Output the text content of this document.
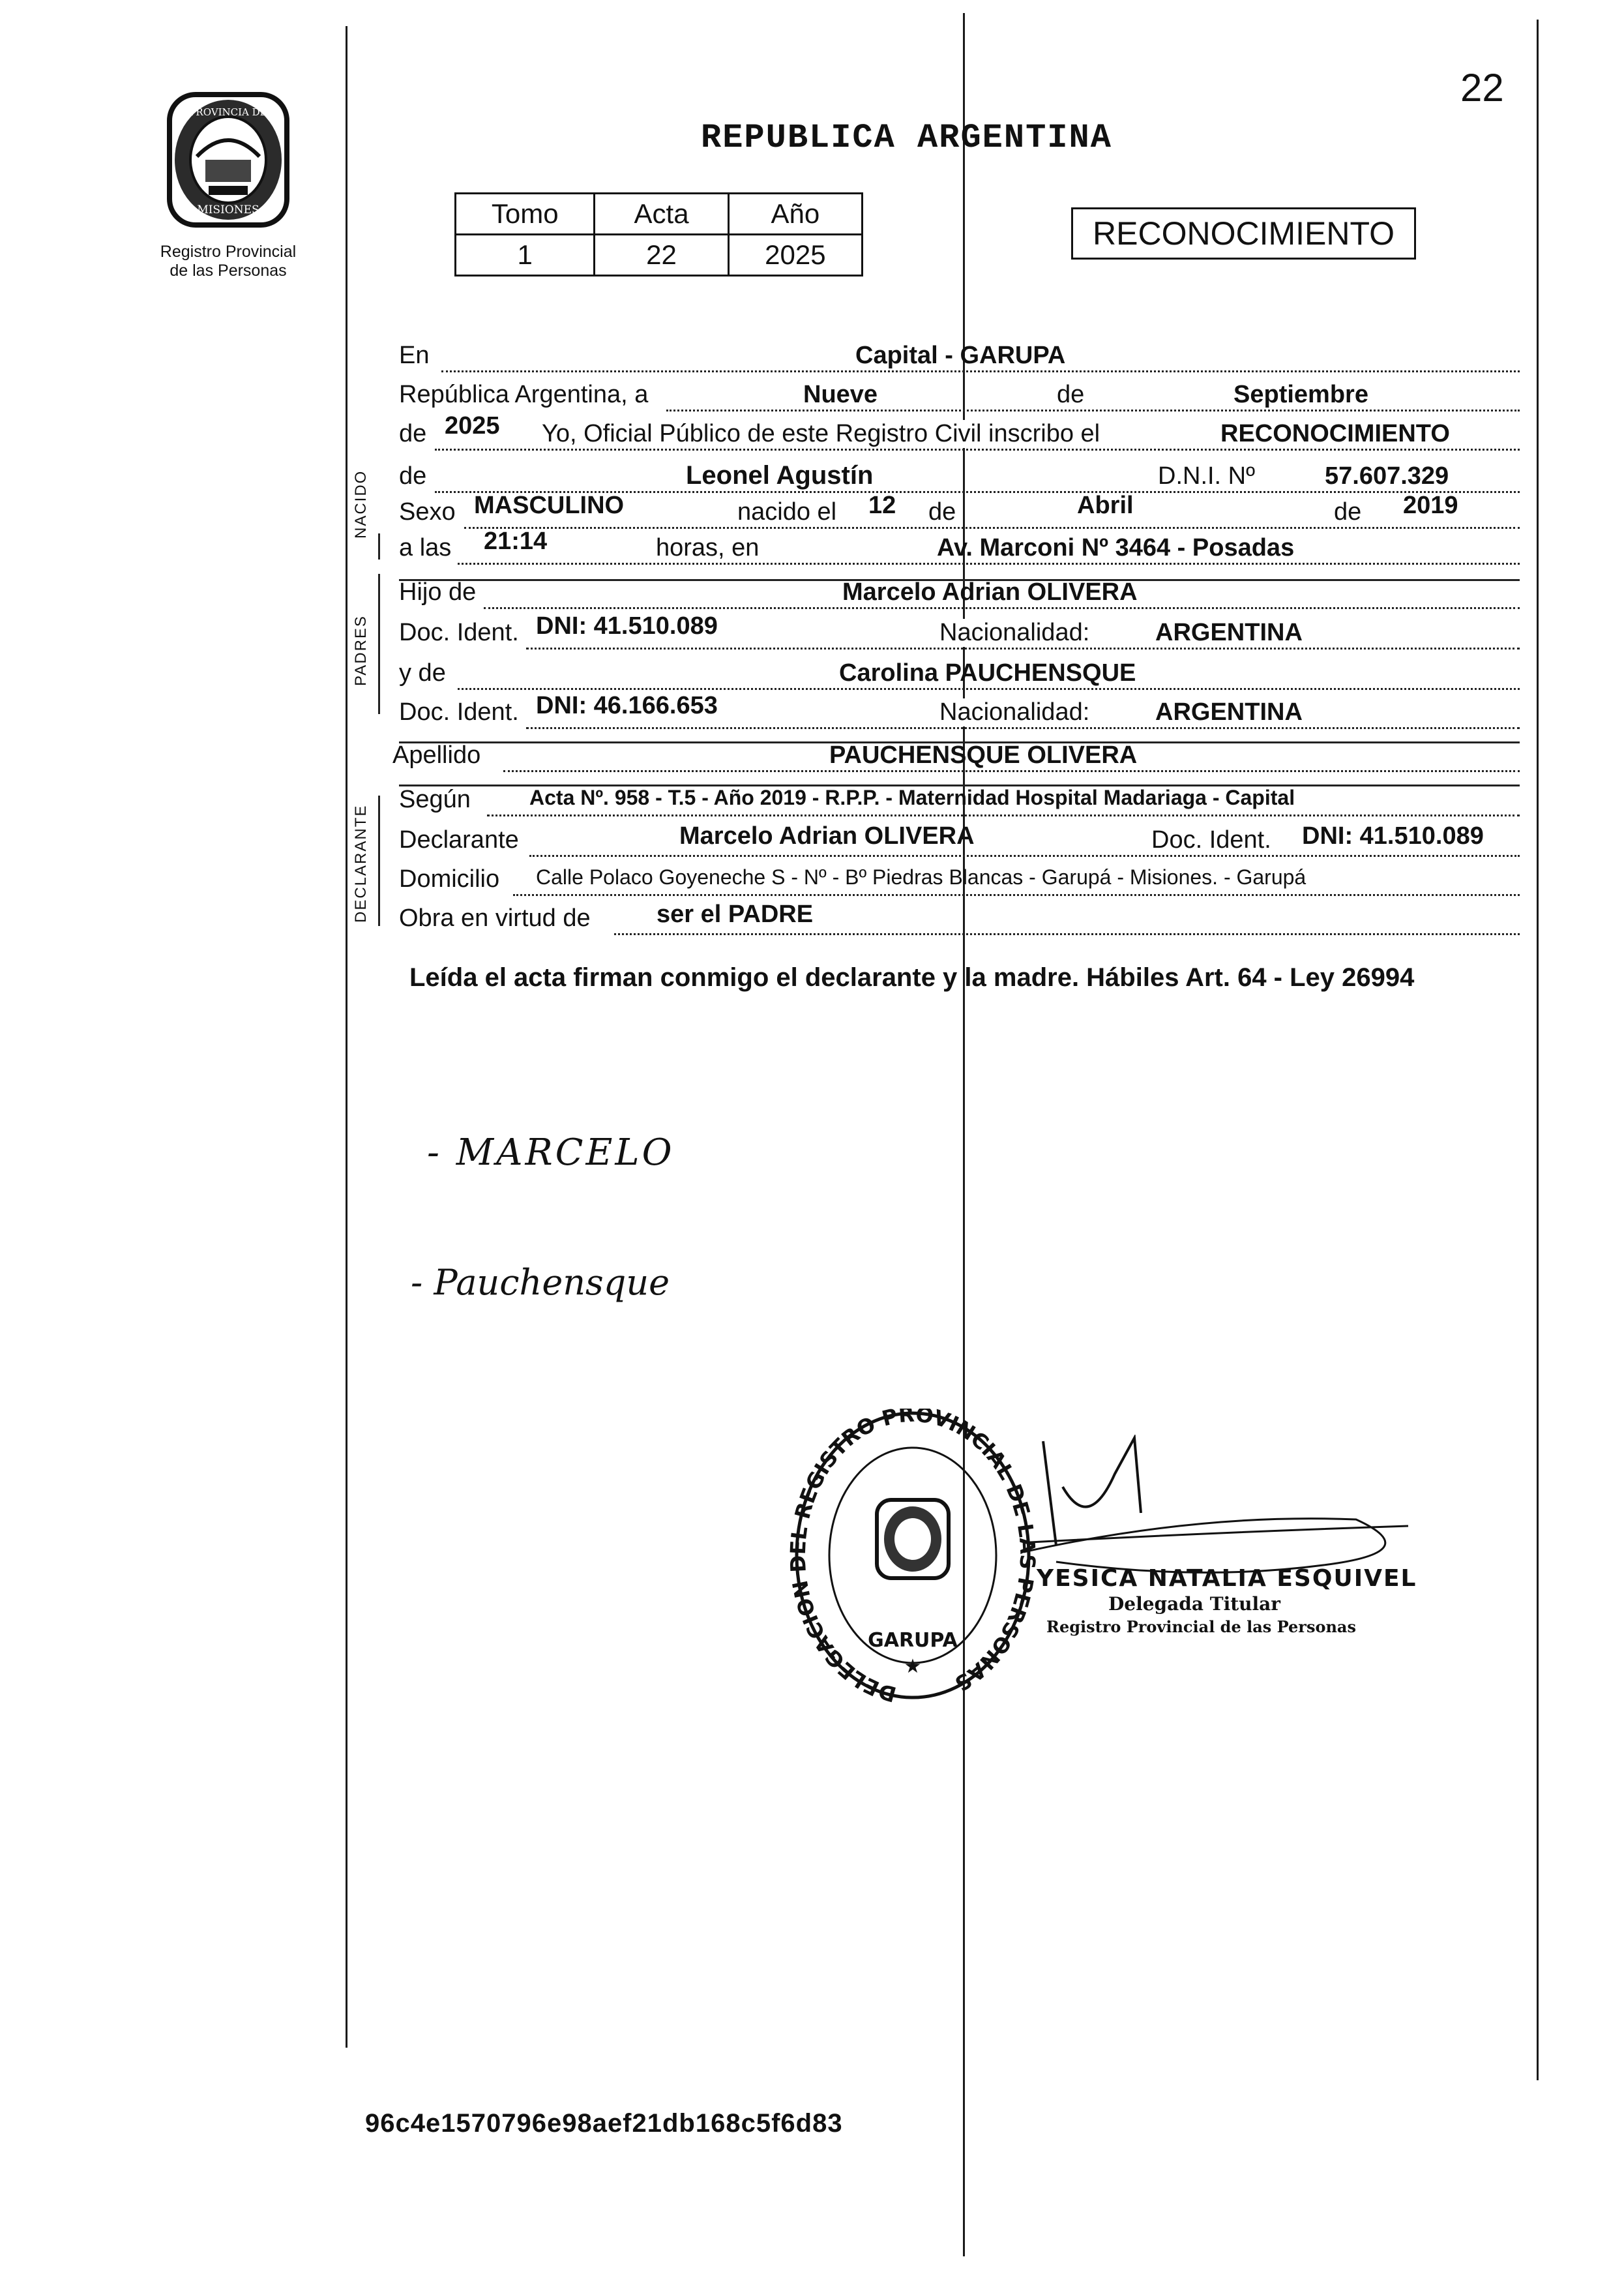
22
PROVINCIA DE
MISIONES
Registro Provincial
de las Personas
REPUBLICA ARGENTINA
Tomo	Acta	Año
1	22	2025
RECONOCIMIENTO
NACIDO
PADRES
DECLARANTE
En	Capital - GARUPA
República Argentina, a	Nueve	de	Septiembre
de 2025 Yo, Oficial Público de este Registro Civil inscribo el	RECONOCIMIENTO
de	Leonel Agustín	D.N.I. Nº	57.607.329
Sexo MASCULINO	nacido el 12 de	Abril	de 2019
a las 21:14	horas, en	Av. Marconi Nº 3464 - Posadas
Hijo de	Marcelo Adrian OLIVERA
Doc. Ident. DNI: 41.510.089	Nacionalidad:	ARGENTINA
y de	Carolina PAUCHENSQUE
Doc. Ident. DNI: 46.166.653	Nacionalidad:	ARGENTINA
Apellido	PAUCHENSQUE OLIVERA
Según	Acta Nº. 958 - T.5 - Año 2019 - R.P.P. - Maternidad Hospital Madariaga - Capital
Declarante	Marcelo Adrian OLIVERA	Doc. Ident. DNI: 41.510.089
Domicilio Calle Polaco Goyeneche S - Nº - Bº Piedras Blancas - Garupá - Misiones. - Garupá
Obra en virtud de	ser el PADRE
Leída el acta firman conmigo el declarante y la madre. Hábiles Art. 64 - Ley 26994
- MARCELO
- Pauchensque
DELEGACION L REGISTRO PROVINCIAL DE L PERSONAS
GARUPA
★
YESICA NATALIA ESQUIVEL
Delegada Titular
Registro Provincial de las Personas
96c4e1570796e98aef21db168c5f6d83
